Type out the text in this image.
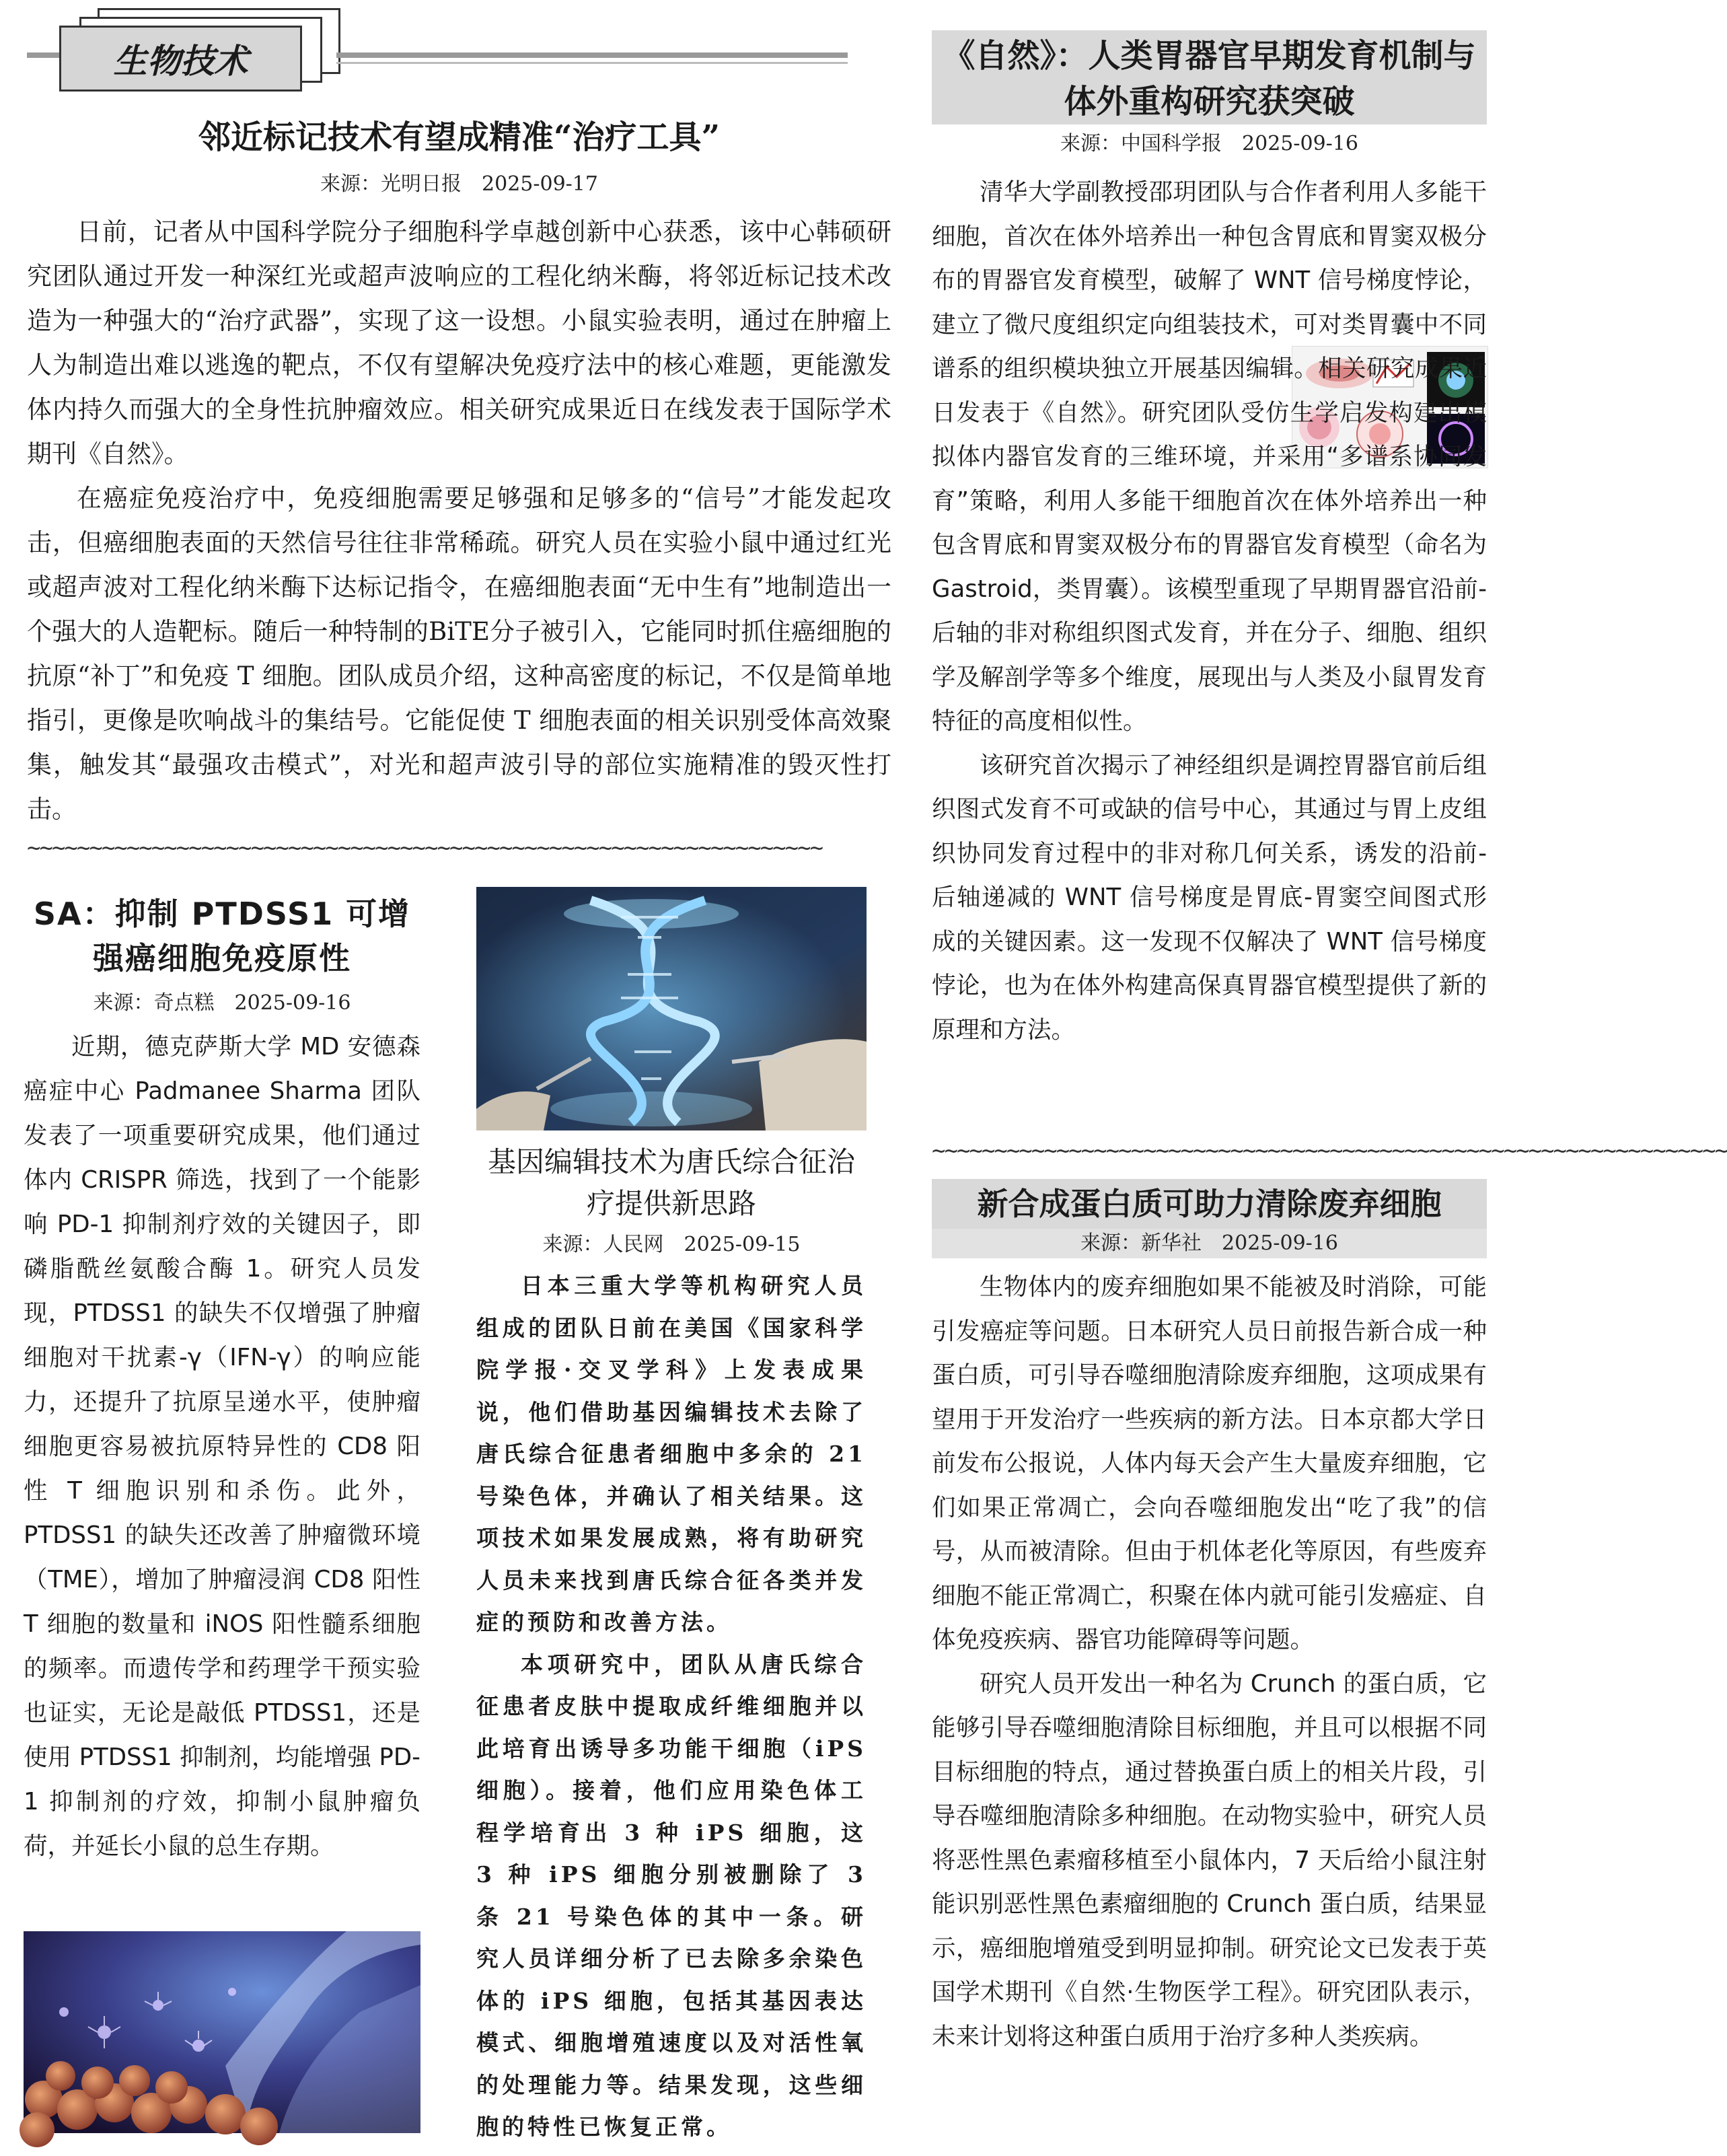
生物技术
邻近标记技术有望成精准“治疗工具”
来源：光明日报　2025-09-17

日前，记者从中国科学院分子细胞科学卓越创新中心获悉，该中心韩硕研究团队通过开发一种深红光或超声波响应的工程化纳米酶，将邻近标记技术改造为一种强大的“治疗武器”，实现了这一设想。小鼠实验表明，通过在肿瘤上人为制造出难以逃逸的靶点，不仅有望解决免疫疗法中的核心难题，更能激发体内持久而强大的全身性抗肿瘤效应。相关研究成果近日在线发表于国际学术期刊《自然》。

在癌症免疫治疗中，免疫细胞需要足够强和足够多的“信号”才能发起攻击，但癌细胞表面的天然信号往往非常稀疏。研究人员在实验小鼠中通过红光或超声波对工程化纳米酶下达标记指令，在癌细胞表面“无中生有”地制造出一个强大的人造靶标。随后一种特制的BiTE分子被引入，它能同时抓住癌细胞的抗原“补丁”和免疫 T 细胞。团队成员介绍，这种高密度的标记，不仅是简单地指引，更像是吹响战斗的集结号。它能促使 T 细胞表面的相关识别受体高效聚集，触发其“最强攻击模式”，对光和超声波引导的部位实施精准的毁灭性打击。

~~~~~~~~~~~~~~~~~~~~~~~~~~~~~~~~~~~~~~~~~~~~~~~~~~~~~~~~~~~~~~~~
SA：抑制 PTDSS1 可增强癌细胞免疫原性
来源：奇点糕　2025-09-16

近期，德克萨斯大学 MD 安德森癌症中心 Padmanee Sharma 团队发表了一项重要研究成果，他们通过体内 CRISPR 筛选，找到了一个能影响 PD-1 抑制剂疗效的关键因子，即磷脂酰丝氨酸合酶 1。研究人员发现，PTDSS1 的缺失不仅增强了肿瘤细胞对干扰素-γ（IFN-γ）的响应能力，还提升了抗原呈递水平，使肿瘤细胞更容易被抗原特异性的 CD8 阳性 T 细胞识别和杀伤。此外，PTDSS1 的缺失还改善了肿瘤微环境（TME），增加了肿瘤浸润 CD8 阳性 T 细胞的数量和 iNOS 阳性髓系细胞的频率。而遗传学和药理学干预实验也证实，无论是敲低 PTDSS1，还是使用 PTDSS1 抑制剂，均能增强 PD-1 抑制剂的疗效，抑制小鼠肿瘤负荷，并延长小鼠的总生存期。

基因编辑技术为唐氏综合征治疗提供新思路
来源：人民网　2025-09-15

日本三重大学等机构研究人员组成的团队日前在美国《国家科学院学报·交叉学科》上发表成果说，他们借助基因编辑技术去除了唐氏综合征患者细胞中多余的 21 号染色体，并确认了相关结果。这项技术如果发展成熟，将有助研究人员未来找到唐氏综合征各类并发症的预防和改善方法。

本项研究中，团队从唐氏综合征患者皮肤中提取成纤维细胞并以此培育出诱导多功能干细胞（iPS 细胞）。接着，他们应用染色体工程学培育出 3 种 iPS 细胞，这 3 种 iPS 细胞分别被删除了 3 条 21 号染色体的其中一条。研究人员详细分析了已去除多余染色体的 iPS 细胞，包括其基因表达模式、细胞增殖速度以及对活性氧的处理能力等。结果发现，这些细胞的特性已恢复正常。

《自然》：人类胃器官早期发育机制与体外重构研究获突破
来源：中国科学报　2025-09-16

清华大学副教授邵玥团队与合作者利用人多能干细胞，首次在体外培养出一种包含胃底和胃窦双极分布的胃器官发育模型，破解了 WNT 信号梯度悖论，建立了微尺度组织定向组装技术，可对类胃囊中不同谱系的组织模块独立开展基因编辑。相关研究成果近日发表于《自然》。研究团队受仿生学启发构建出模拟体内器官发育的三维环境，并采用“多谱系协同发育”策略，利用人多能干细胞首次在体外培养出一种包含胃底和胃窦双极分布的胃器官发育模型（命名为 Gastroid，类胃囊）。该模型重现了早期胃器官沿前-后轴的非对称组织图式发育，并在分子、细胞、组织学及解剖学等多个维度，展现出与人类及小鼠胃发育特征的高度相似性。

该研究首次揭示了神经组织是调控胃器官前后组织图式发育不可或缺的信号中心，其通过与胃上皮组织协同发育过程中的非对称几何关系，诱发的沿前-后轴递减的 WNT 信号梯度是胃底-胃窦空间图式形成的关键因素。这一发现不仅解决了 WNT 信号梯度悖论，也为在体外构建高保真胃器官模型提供了新的原理和方法。

~~~~~~~~~~~~~~~~~~~~~~~~~~~~~~~~~~~~~~~~~~~~~~~~~~~~~~~~~~~~~~~~
新合成蛋白质可助力清除废弃细胞
来源：新华社　2025-09-16

生物体内的废弃细胞如果不能被及时消除，可能引发癌症等问题。日本研究人员日前报告新合成一种蛋白质，可引导吞噬细胞清除废弃细胞，这项成果有望用于开发治疗一些疾病的新方法。日本京都大学日前发布公报说，人体内每天会产生大量废弃细胞，它们如果正常凋亡，会向吞噬细胞发出“吃了我”的信号，从而被清除。但由于机体老化等原因，有些废弃细胞不能正常凋亡，积聚在体内就可能引发癌症、自体免疫疾病、器官功能障碍等问题。

研究人员开发出一种名为 Crunch 的蛋白质，它能够引导吞噬细胞清除目标细胞，并且可以根据不同目标细胞的特点，通过替换蛋白质上的相关片段，引导吞噬细胞清除多种细胞。在动物实验中，研究人员将恶性黑色素瘤移植至小鼠体内，7 天后给小鼠注射能识别恶性黑色素瘤细胞的 Crunch 蛋白质，结果显示，癌细胞增殖受到明显抑制。研究论文已发表于英国学术期刊《自然·生物医学工程》。研究团队表示，未来计划将这种蛋白质用于治疗多种人类疾病。
